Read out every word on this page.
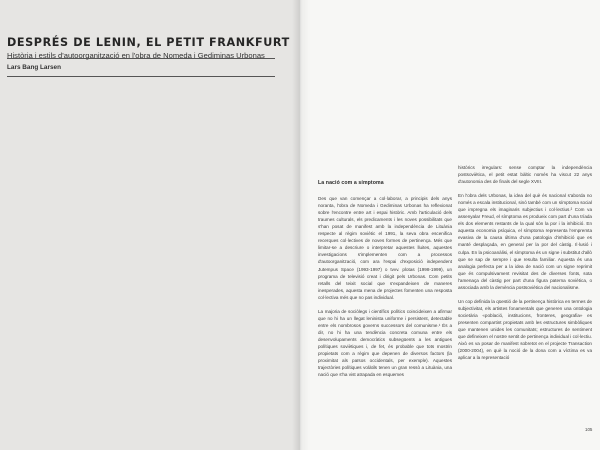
DESPRÉS DE LENIN, EL PETIT FRANKFURT
Història i estils d'autoorganització en l'obra de Nomeda i Gediminas Urbonas
Lars Bang Larsen
La nació com a símptoma

Des que van començar a col·laborar, a principis dels anys noranta, l'obra de Nomeda i Gediminas Urbonas ha reflexionat sobre l'encontre entre art i espai històric. Amb l'articulació dels traumes culturals, els predicaments i les noves possibilitats que s'han posat de manifest amb la independència de Lituània respecte al règim soviètic el 1991, la seva obra escenifica recerques col·lectives de noves formes de pertinença. Més que limitar-se a descriure o interpretar aquestes lluites, aquestes investigacions s'implementen com a processos d'autoorganització, com ara l'espai d'exposició independent Jutempus Space (1993-1997) o tvvv. plotas (1998-1999), un programa de televisió creat i dirigit pels Urbonas. Com petits retalls del teixit social que s'expandeixen de maneres inesperades, aquesta mena de projectes fomenten una resposta col·lectiva més que no pas individual.

La majoria de sociòlegs i científics polítics coincideixen a afirmar que no hi ha un llegat leninista uniforme i persistent, detectable entre els nombrosos governs successors del comunisme.¹ És a dir, no hi ha una tendència concreta comuna entre els desenvolupaments democràtics subsegüents a les antigues polítiques soviètiques i, de fet, és probable que tots mostrin propietats com a règim que depenen de diversos factors (la proximitat als països occidentals, per exemple). Aquestes trajectòries polítiques volàtils tenen un gran ressò a Lituània, una nació que s'ha vist atrapada en esquemes

històrics irregulars: sense comptar la independència postsoviètica, el petit estat bàltic només ha viscut 22 anys d'autonomia des de finals del segle XVIII.

En l'obra dels Urbonas, la idea del què és nacional s'aborda no només a escala institucional, sinó també com un símptoma social que impregna els imaginaris subjectius i col·lectius.² Com va assenyalar Freud, el símptoma es produeix com part d'una tríada els dos elements restants de la qual són la por i la inhibició. En aquesta economia psíquica, el símptoma representa l'empremta evasiva de la causa última d'una patologia d'inhibició que es manté desplaçada, en general per la por del càstig. Il·lusió i culpa. En la psicoanàlisi, el símptoma és un signe i substitut d'allò que se sap de sempre i que resulta familiar. Aquesta és una analogia perfecta per a la idea de nació com un signe reprimit que és compulsivament revisitat des de diverses fonts, sota l'amenaça del càstig per part d'una figura paterna soviètica, o associada amb la demència postsoviètica del nacionalisme.

Un cop definida la qüestió de la pertinença històrica en termes de subjectivitat, els artistes fonamentals que generen una ontologia societària «població, institucions, fronteres, geografia» es presenten compartint propietats amb les estructures simbòliques que mantenen unides les comunitats; estructures de sentiment que defineixen el nostre sentit de pertinença individual i col·lectiu. Això es va posar de manifest sobretot en el projecte Transaction (2000-2004), en què la noció de la dona com a víctima es va aplicar a la representació

105
